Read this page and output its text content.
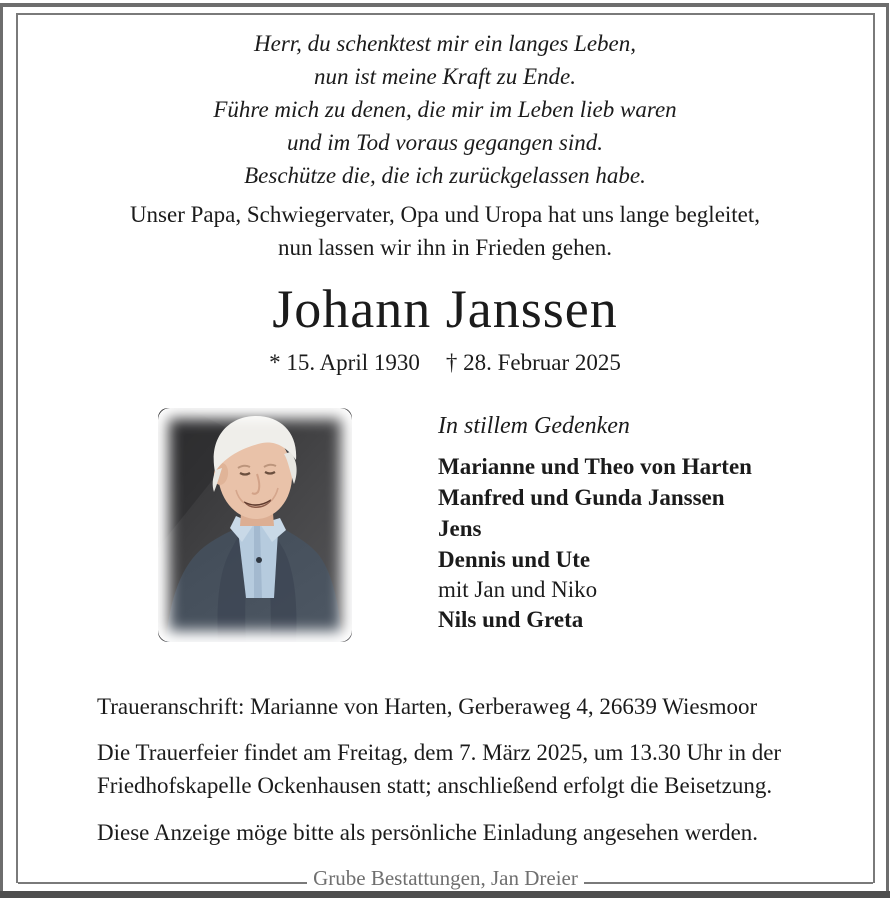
Herr, du schenktest mir ein langes Leben,
nun ist meine Kraft zu Ende.
Führe mich zu denen, die mir im Leben lieb waren
und im Tod voraus gegangen sind.
Beschütze die, die ich zurückgelassen habe.
Unser Papa, Schwiegervater, Opa und Uropa hat uns lange begleitet,
nun lassen wir ihn in Frieden gehen.
Johann Janssen
* 15. April 1930 † 28. Februar 2025
In stillem Gedenken
Marianne und Theo von Harten
Manfred und Gunda Janssen
Jens
Dennis und Ute
mit Jan und Niko
Nils und Greta
Traueranschrift: Marianne von Harten, Gerberaweg 4, 26639 Wiesmoor
Die Trauerfeier findet am Freitag, dem 7. März 2025, um 13.30 Uhr in der
Friedhofskapelle Ockenhausen statt; anschließend erfolgt die Beisetzung.
Diese Anzeige möge bitte als persönliche Einladung angesehen werden.
Grube Bestattungen, Jan Dreier
